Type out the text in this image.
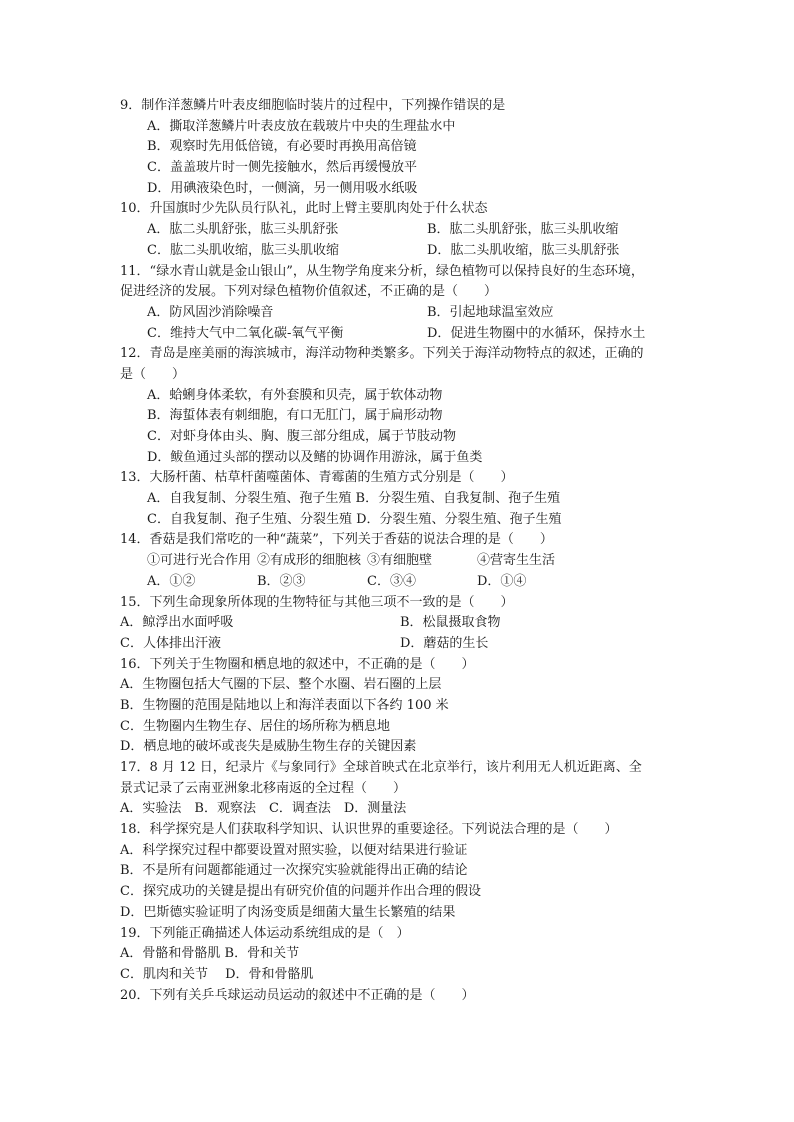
9．制作洋葱鳞片叶表皮细胞临时装片的过程中，下列操作错误的是
A．撕取洋葱鳞片叶表皮放在载玻片中央的生理盐水中
B．观察时先用低倍镜，有必要时再换用高倍镜
C．盖盖玻片时一侧先接触水，然后再缓慢放平
D．用碘液染色时，一侧滴，另一侧用吸水纸吸
10．升国旗时少先队员行队礼，此时上臂主要肌肉处于什么状态
A．肱二头肌舒张，肱三头肌舒张	B．肱二头肌舒张，肱三头肌收缩
C．肱二头肌收缩，肱三头肌收缩	D．肱二头肌收缩，肱三头肌舒张
11．“绿水青山就是金山银山”，从生物学角度来分析，绿色植物可以保持良好的生态环境，
促进经济的发展。下列对绿色植物价值叙述，不正确的是（　　）
A．防风固沙消除噪音	B．引起地球温室效应
C．维持大气中二氧化碳-氧气平衡	D．促进生物圈中的水循环，保持水土
12．青岛是座美丽的海滨城市，海洋动物种类繁多。下列关于海洋动物特点的叙述，正确的
是（　　）
A．蛤蜊身体柔软，有外套膜和贝壳，属于软体动物
B．海蜇体表有刺细胞，有口无肛门，属于扁形动物
C．对虾身体由头、胸、腹三部分组成，属于节肢动物
D．鲅鱼通过头部的摆动以及鳍的协调作用游泳，属于鱼类
13．大肠杆菌、枯草杆菌噬菌体、青霉菌的生殖方式分别是（　　）
A．自我复制、分裂生殖、孢子生殖 B．分裂生殖、自我复制、孢子生殖
C．自我复制、孢子生殖、分裂生殖 D．分裂生殖、分裂生殖、孢子生殖
14．香菇是我们常吃的一种“蔬菜”，下列关于香菇的说法合理的是（　　）
①可进行光合作用 ②有成形的细胞核 ③有细胞壁	④营寄生生活
A．①②	B．②③	C．③④	D．①④
15．下列生命现象所体现的生物特征与其他三项不一致的是（　　）
A．鲸浮出水面呼吸	B．松鼠摄取食物
C．人体排出汗液	D．蘑菇的生长
16．下列关于生物圈和栖息地的叙述中，不正确的是（　　）
A．生物圈包括大气圈的下层、整个水圈、岩石圈的上层
B．生物圈的范围是陆地以上和海洋表面以下各约 100 米
C．生物圈内生物生存、居住的场所称为栖息地
D．栖息地的破坏或丧失是威胁生物生存的关键因素
17．8 月 12 日，纪录片《与象同行》全球首映式在北京举行，该片利用无人机近距离、全
景式记录了云南亚洲象北移南返的全过程（　　）
A．实验法　B．观察法　C．调查法　D．测量法
18．科学探究是人们获取科学知识、认识世界的重要途径。下列说法合理的是（　　）
A．科学探究过程中都要设置对照实验，以便对结果进行验证
B．不是所有问题都能通过一次探究实验就能得出正确的结论
C．探究成功的关键是提出有研究价值的问题并作出合理的假设
D．巴斯德实验证明了肉汤变质是细菌大量生长繁殖的结果
19．下列能正确描述人体运动系统组成的是（　）
A．骨骼和骨骼肌 B．骨和关节
C．肌肉和关节　 D．骨和骨骼肌
20．下列有关乒乓球运动员运动的叙述中不正确的是（　　）
